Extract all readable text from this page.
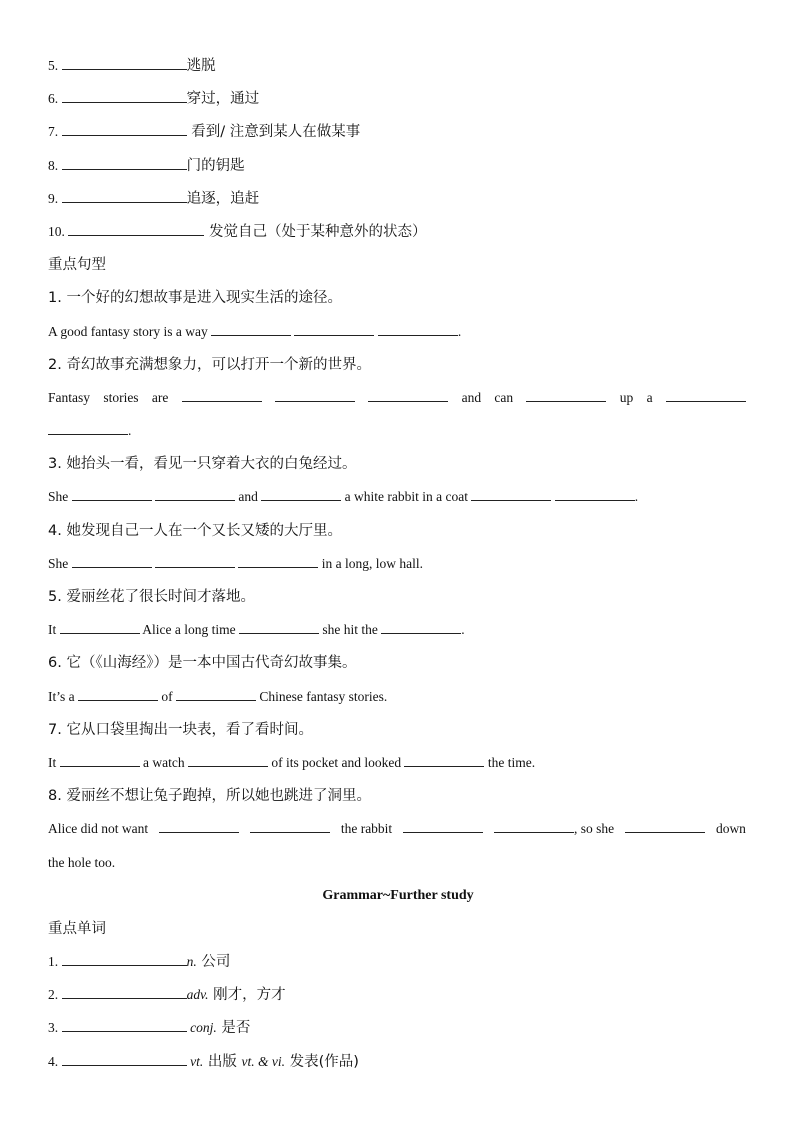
5.	逃脱
6.	穿过，通过
7.	看到/ 注意到某人在做某事
8.	门的钥匙
9.	追逐，追赶
10.	发觉自己（处于某种意外的状态）
重点句型
1. 一个好的幻想故事是进入现实生活的途径。
A good fantasy story is a way	.
2. 奇幻故事充满想象力，可以打开一个新的世界。
Fantasy stories are	and can	up a
.
3. 她抬头一看，看见一只穿着大衣的白兔经过。
She	and	a white rabbit in a coat	.
4. 她发现自己一人在一个又长又矮的大厅里。
She	in a long, low hall.
5. 爱丽丝花了很长时间才落地。
It	Alice a long time	she hit the	.
6. 它（《山海经》）是一本中国古代奇幻故事集。
It’s a	of	Chinese fantasy stories.
7. 它从口袋里掏出一块表，看了看时间。
It	a watch	of its pocket and looked	the time.
8. 爱丽丝不想让兔子跑掉，所以她也跳进了洞里。
Alice did not want	the rabbit	, so she	down
the hole too.
Grammar~Further study
重点单词
1.	n. 公司
2.	adv. 刚才，方才
3.	conj. 是否
4.	vt. 出版 vt. & vi. 发表(作品)
